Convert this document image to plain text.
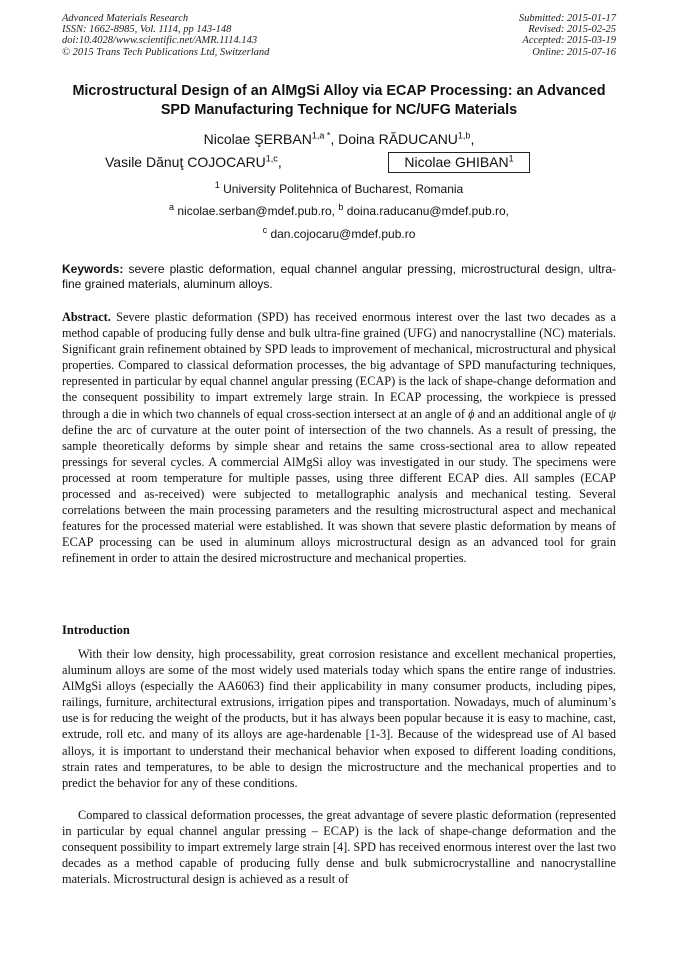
Advanced Materials Research
ISSN: 1662-8985, Vol. 1114, pp 143-148
doi:10.4028/www.scientific.net/AMR.1114.143
© 2015 Trans Tech Publications Ltd, Switzerland
Submitted: 2015-01-17
Revised: 2015-02-25
Accepted: 2015-03-19
Online: 2015-07-16
Microstructural Design of an AlMgSi Alloy via ECAP Processing: an Advanced SPD Manufacturing Technique for NC/UFG Materials
Nicolae $ŞERBAN^{1,a *}$, Doina RĂDUCANU$^{1,b}$,
Vasile Dănuţ COJOCARU$^{1,c}$,	Nicolae GHIBAN$^1$
$^1$ University Politehnica of Bucharest, Romania
$^a$ nicolae.serban@mdef.pub.ro, $^b$ doina.raducanu@mdef.pub.ro,
$^c$ dan.cojocaru@mdef.pub.ro
Keywords: severe plastic deformation, equal channel angular pressing, microstructural design, ultra-fine grained materials, aluminum alloys.
Abstract. Severe plastic deformation (SPD) has received enormous interest over the last two decades as a method capable of producing fully dense and bulk ultra-fine grained (UFG) and nanocrystalline (NC) materials. Significant grain refinement obtained by SPD leads to improvement of mechanical, microstructural and physical properties. Compared to classical deformation processes, the big advantage of SPD manufacturing techniques, represented in particular by equal channel angular pressing (ECAP) is the lack of shape-change deformation and the consequent possibility to impart extremely large strain. In ECAP processing, the workpiece is pressed through a die in which two channels of equal cross-section intersect at an angle of ϕ and an additional angle of ψ define the arc of curvature at the outer point of intersection of the two channels. As a result of pressing, the sample theoretically deforms by simple shear and retains the same cross-sectional area to allow repeated pressings for several cycles. A commercial AlMgSi alloy was investigated in our study. The specimens were processed at room temperature for multiple passes, using three different ECAP dies. All samples (ECAP processed and as-received) were subjected to metallographic analysis and mechanical testing. Several correlations between the main processing parameters and the resulting microstructural aspect and mechanical features for the processed material were established. It was shown that severe plastic deformation by means of ECAP processing can be used in aluminum alloys microstructural design as an advanced tool for grain refinement in order to attain the desired microstructure and mechanical properties.
Introduction

With their low density, high processability, great corrosion resistance and excellent mechanical properties, aluminum alloys are some of the most widely used materials today which spans the entire range of industries. AlMgSi alloys (especially the AA6063) find their applicability in many consumer products, including pipes, railings, furniture, architectural extrusions, irrigation pipes and transportation. Nowadays, much of aluminum’s use is for reducing the weight of the products, but it has always been popular because it is easy to machine, cast, extrude, roll etc. and many of its alloys are age-hardenable [1-3]. Because of the widespread use of Al based alloys, it is important to understand their mechanical behavior when exposed to different loading conditions, strain rates and temperatures, to be able to design the microstructure and the mechanical properties and to predict the behavior for any of these conditions.

Compared to classical deformation processes, the great advantage of severe plastic deformation (represented in particular by equal channel angular pressing – ECAP) is the lack of shape-change deformation and the consequent possibility to impart extremely large strain [4]. SPD has received enormous interest over the last two decades as a method capable of producing fully dense and bulk submicrocrystalline and nanocrystalline materials. Microstructural design is achieved as a result of
